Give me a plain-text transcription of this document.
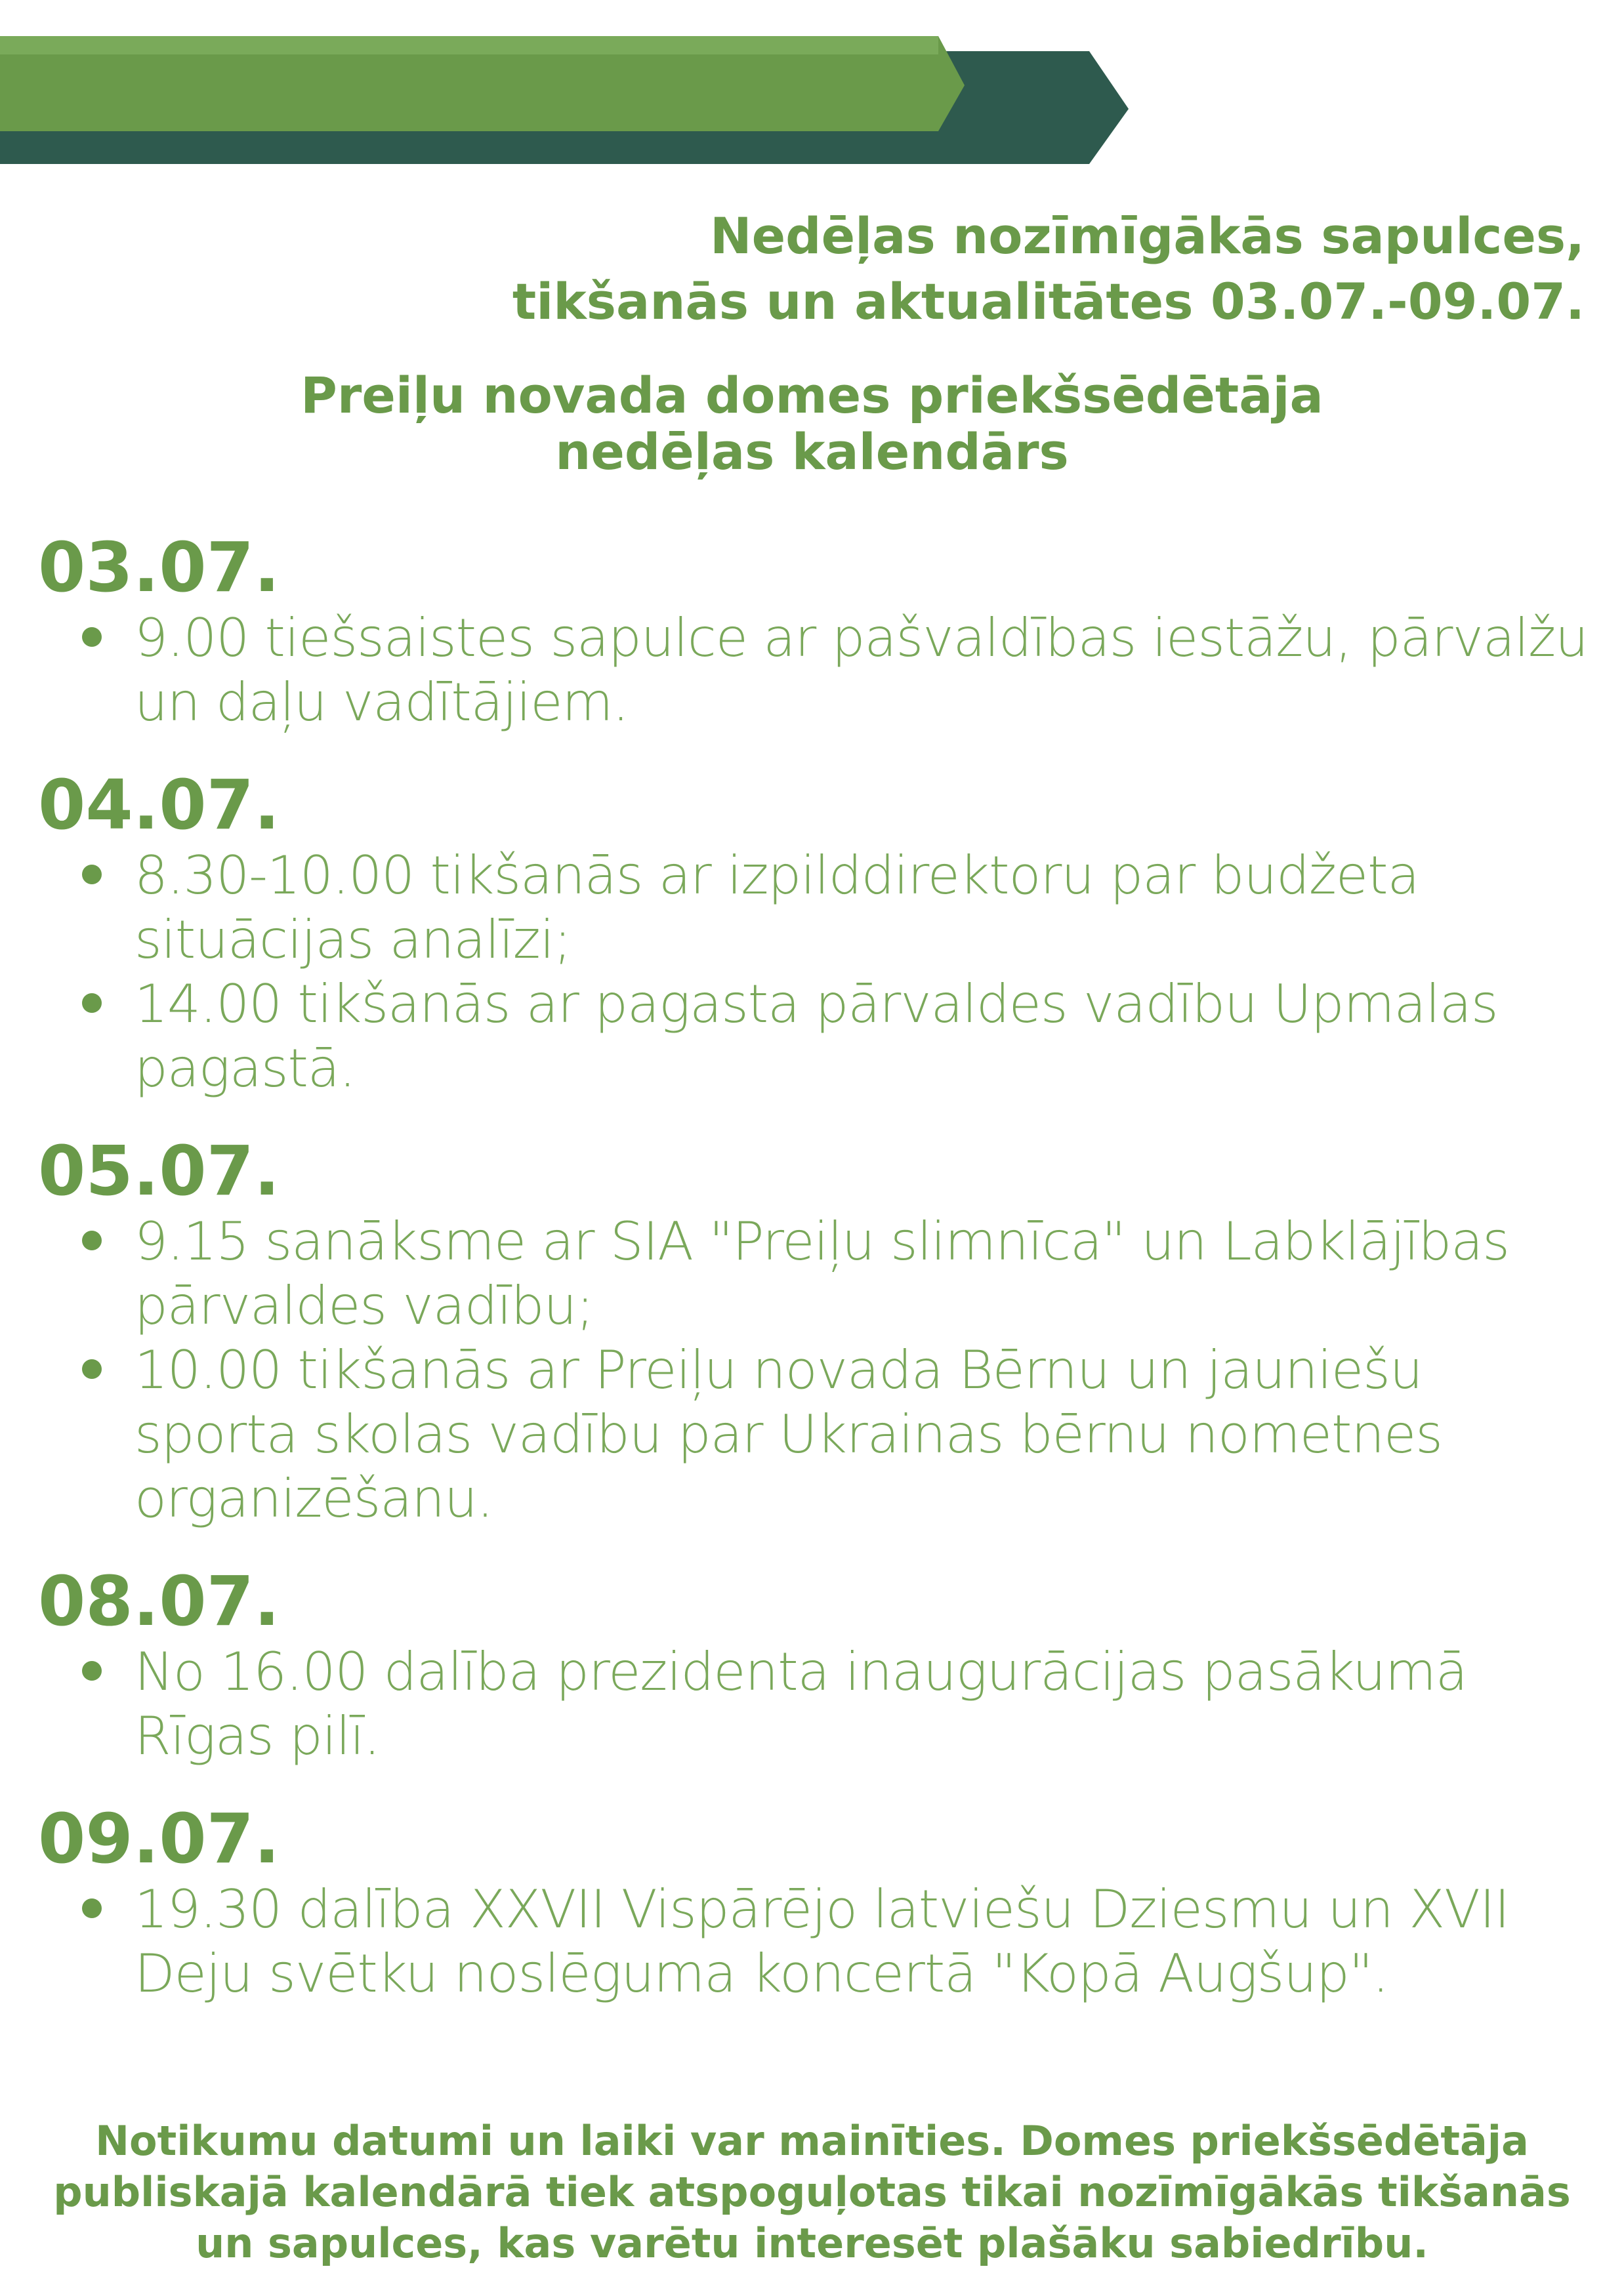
Nedēļas nozīmīgākās sapulces,
tikšanās un aktualitātes 03.07.-09.07.
Preiļu novada domes priekšsēdētāja
nedēļas kalendārs
03.07.
9.00 tiešsaistes sapulce ar pašvaldības iestāžu, pārvalžu un daļu vadītājiem.
04.07.
8.30-10.00 tikšanās ar izpilddirektoru par budžeta situācijas analīzi;
14.00 tikšanās ar pagasta pārvaldes vadību Upmalas pagastā.
05.07.
9.15 sanāksme ar SIA "Preiļu slimnīca" un Labklājības pārvaldes vadību;
10.00 tikšanās ar Preiļu novada Bērnu un jauniešu sporta skolas vadību par Ukrainas bērnu nometnes organizēšanu.
08.07.
No 16.00 dalība prezidenta inaugurācijas pasākumā Rīgas pilī.
09.07.
19.30 dalība XXVII Vispārējo latviešu Dziesmu un XVII Deju svētku noslēguma koncertā "Kopā Augšup".
Notikumu datumi un laiki var mainīties. Domes priekšsēdētāja publiskajā kalendārā tiek atspoguļotas tikai nozīmīgākās tikšanās un sapulces, kas varētu interesēt plašāku sabiedrību.
